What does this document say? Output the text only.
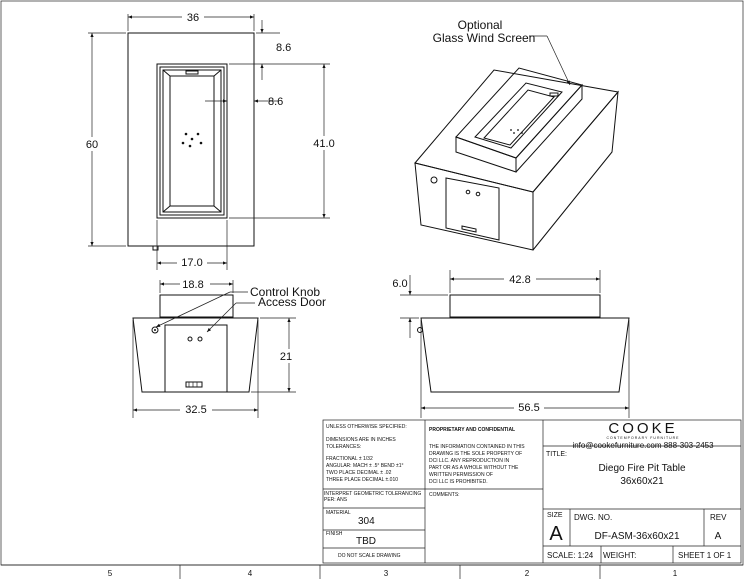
5	4	3	2	1
36
60
8.6
8.6
41.0
17.0
18.8	Control Knob
Access Door
21
32.5
6.0	42.8
56.5
Optional
Glass Wind Screen
UNLESS OTHERWISE SPECIFIED:
DIMENSIONS ARE IN INCHES
TOLERANCES:
FRACTIONAL ± 1/32
ANGULAR: MACH ± .5° BEND ±1°
TWO PLACE DECIMAL ± .02
THREE PLACE DECIMAL ±.010
INTERPRET GEOMETRIC TOLERANCING PER: ANS
MATERIAL
304
FINISH
TBD
DO NOT SCALE DRAWING
PROPRIETARY AND CONFIDENTIAL
THE INFORMATION CONTAINED IN THIS
DRAWING IS THE SOLE PROPERTY OF
DCI LLC. ANY REPRODUCTION IN
PART OR AS A WHOLE WITHOUT THE
WRITTEN PERMISSION OF
DCI LLC IS PROHIBITED.
COMMENTS:
COOKE
CONTEMPORARY FURNITURE
info@cookefurniture.com 888-303-2453
TITLE:
Diego Fire Pit Table
36x60x21
SIZE
A
DWG. NO.
DF-ASM-36x60x21
REV
A
SCALE: 1:24 WEIGHT:	SHEET 1 OF 1
